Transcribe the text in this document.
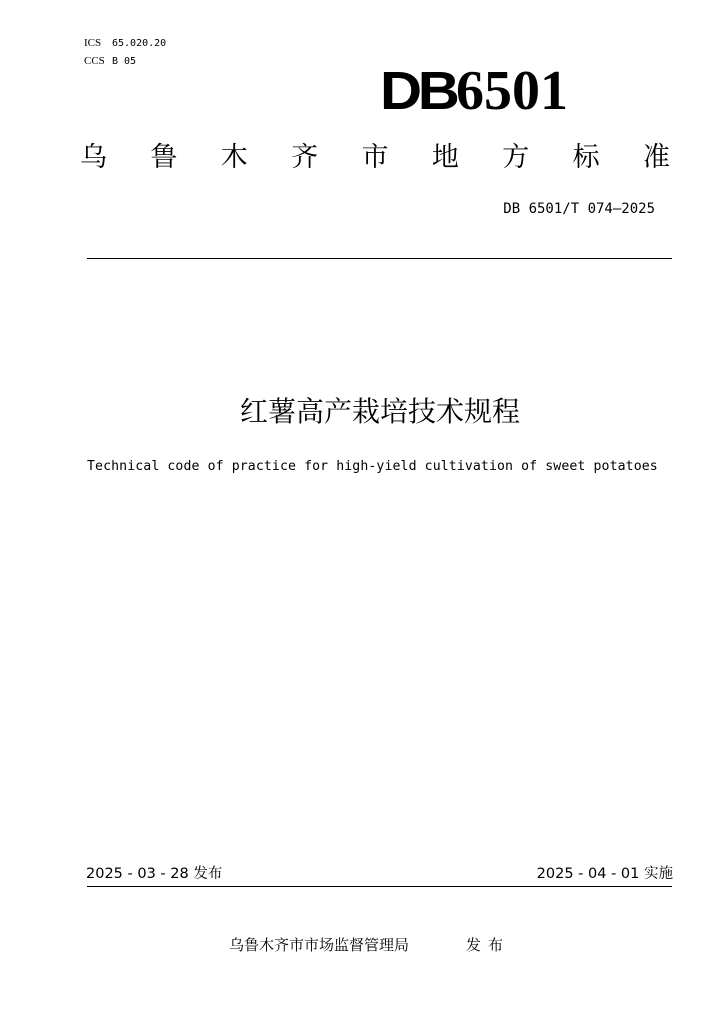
ICS 65.020.20
CCS B 05	DB6501
乌 鲁 木 齐 市 地 方 标 准
DB 6501/T 074—2025
红薯高产栽培技术规程
Technical code of practice for high-yield cultivation of sweet potatoes
2025 - 03 - 28 发布	2025 - 04 - 01 实施
乌鲁木齐市市场监督管理局	发布
